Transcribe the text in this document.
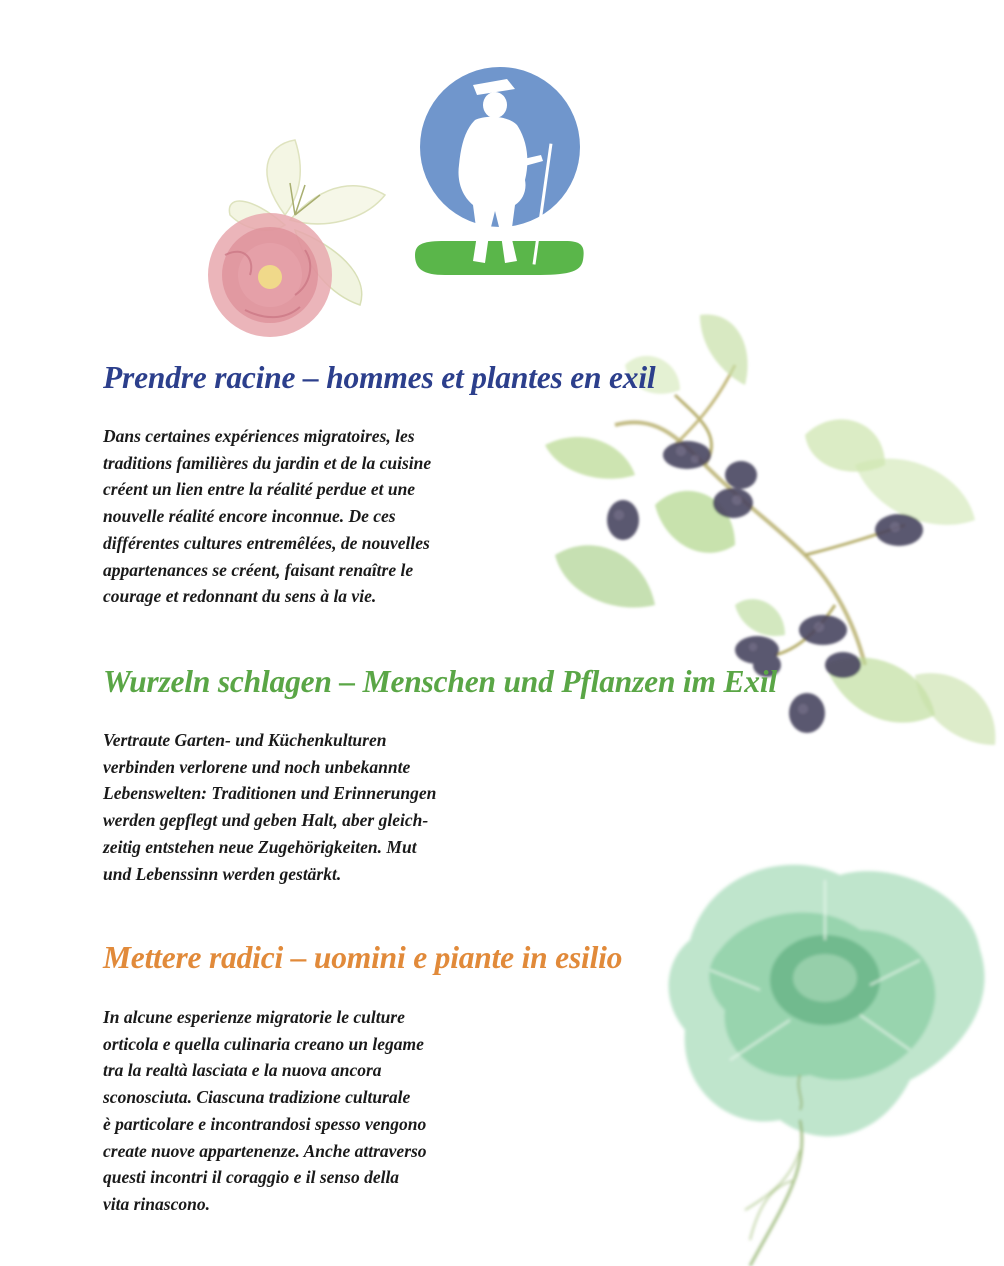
Prendre racine – hommes et plantes en exil

Dans certaines expériences migratoires, les
traditions familières du jardin et de la cuisine
créent un lien entre la réalité perdue et une
nouvelle réalité encore inconnue. De ces
différentes cultures entremêlées, de nouvelles
appartenances se créent, faisant renaître le
courage et redonnant du sens à la vie.

Wurzeln schlagen – Menschen und Pflanzen im Exil

Vertraute Garten- und Küchenkulturen
verbinden verlorene und noch unbekannte
Lebenswelten: Traditionen und Erinnerungen
werden gepflegt und geben Halt, aber gleich-
zeitig entstehen neue Zugehörigkeiten. Mut
und Lebenssinn werden gestärkt.

Mettere radici – uomini e piante in esilio

In alcune esperienze migratorie le culture
orticola e quella culinaria creano un legame
tra la realtà lasciata e la nuova ancora
sconosciuta. Ciascuna tradizione culturale
è particolare e incontrandosi spesso vengono
create nuove appartenenze. Anche attraverso
questi incontri il coraggio e il senso della
vita rinascono.
